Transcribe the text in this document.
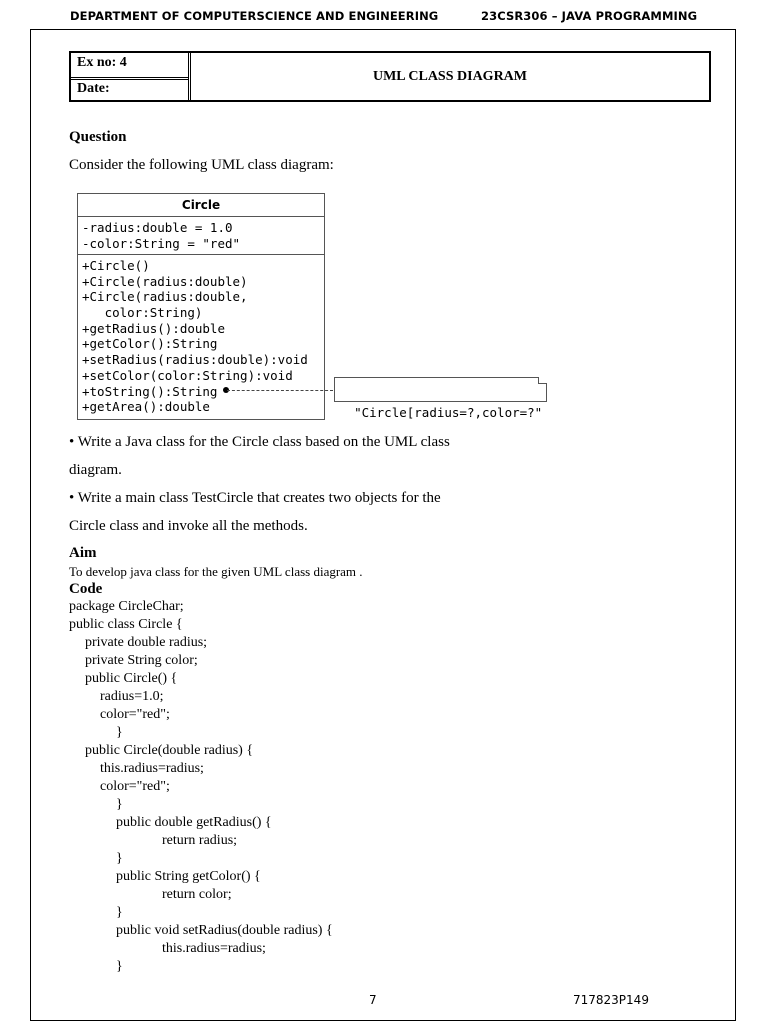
DEPARTMENT OF COMPUTERSCIENCE AND ENGINEERING	23CSR306 – JAVA PROGRAMMING
Ex no: 4
Date:
UML CLASS DIAGRAM
Question
Consider the following UML class diagram:
Circle
-radius:double = 1.0
-color:String = "red"
+Circle()
+Circle(radius:double)
+Circle(radius:double,
color:String)
+getRadius():double
+getColor():String
+setRadius(radius:double):void
+setColor(color:String):void
+toString():String
+getArea():double	"Circle[radius=?,color=?"

• Write a Java class for the Circle class based on the UML class
diagram.
• Write a main class TestCircle that creates two objects for the
Circle class and invoke all the methods.
Aim
To develop java class for the given UML class diagram .
Code
package CircleChar;
public class Circle {
private double radius;
private String color;
public Circle() {
radius=1.0;
color="red";
}
public Circle(double radius) {
this.radius=radius;
color="red";
}
public double getRadius() {
return radius;
}
public String getColor() {
return color;
}
public void setRadius(double radius) {
this.radius=radius;
}
7	717823P149
